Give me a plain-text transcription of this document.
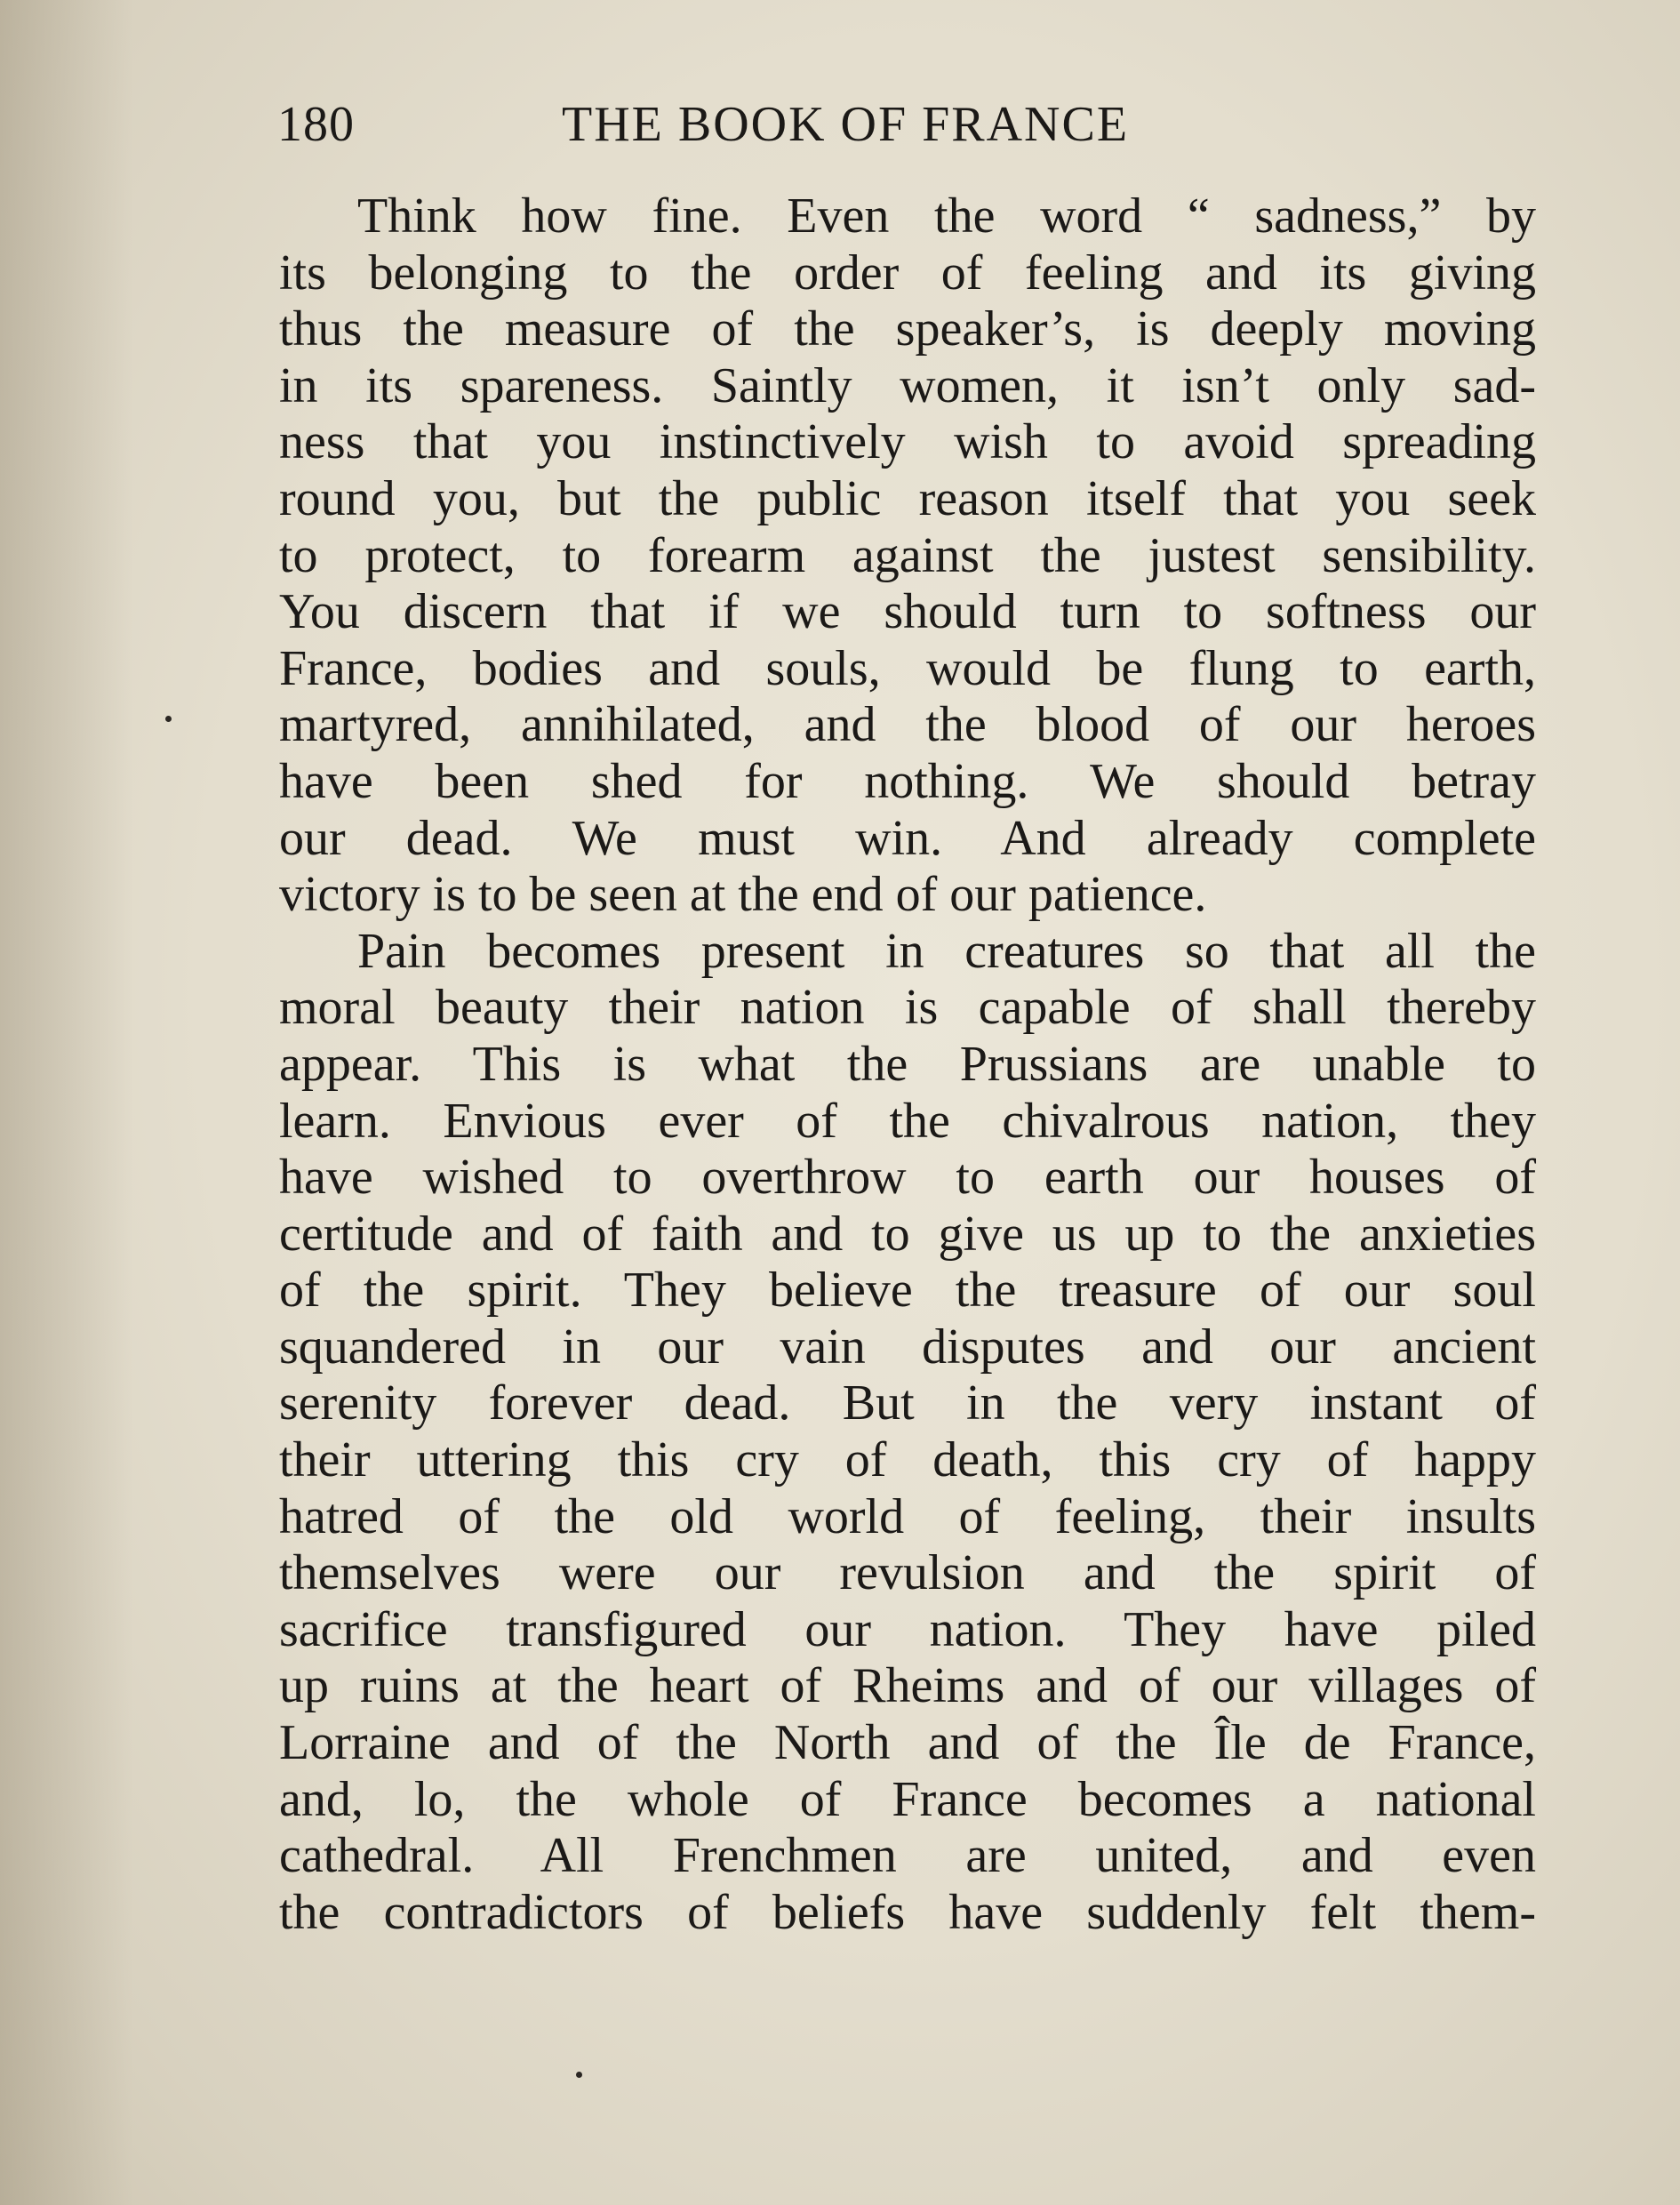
180	THE BOOK OF FRANCE
Think how fine. Even the word “ sadness,” by
its belonging to the order of feeling and its giving
thus the measure of the speaker’s, is deeply moving
in its spareness. Saintly women, it isn’t only sad-
ness that you instinctively wish to avoid spreading
round you, but the public reason itself that you seek
to protect, to forearm against the justest sensibility.
You discern that if we should turn to softness our
France, bodies and souls, would be flung to earth,
martyred, annihilated, and the blood of our heroes
have been shed for nothing. We should betray
our dead. We must win. And already complete
victory is to be seen at the end of our patience.
Pain becomes present in creatures so that all the
moral beauty their nation is capable of shall thereby
appear. This is what the Prussians are unable to
learn. Envious ever of the chivalrous nation, they
have wished to overthrow to earth our houses of
certitude and of faith and to give us up to the anxieties
of the spirit. They believe the treasure of our soul
squandered in our vain disputes and our ancient
serenity forever dead. But in the very instant of
their uttering this cry of death, this cry of happy
hatred of the old world of feeling, their insults
themselves were our revulsion and the spirit of
sacrifice transfigured our nation. They have piled
up ruins at the heart of Rheims and of our villages of
Lorraine and of the North and of the Île de France,
and, lo, the whole of France becomes a national
cathedral. All Frenchmen are united, and even
the contradictors of beliefs have suddenly felt them-
